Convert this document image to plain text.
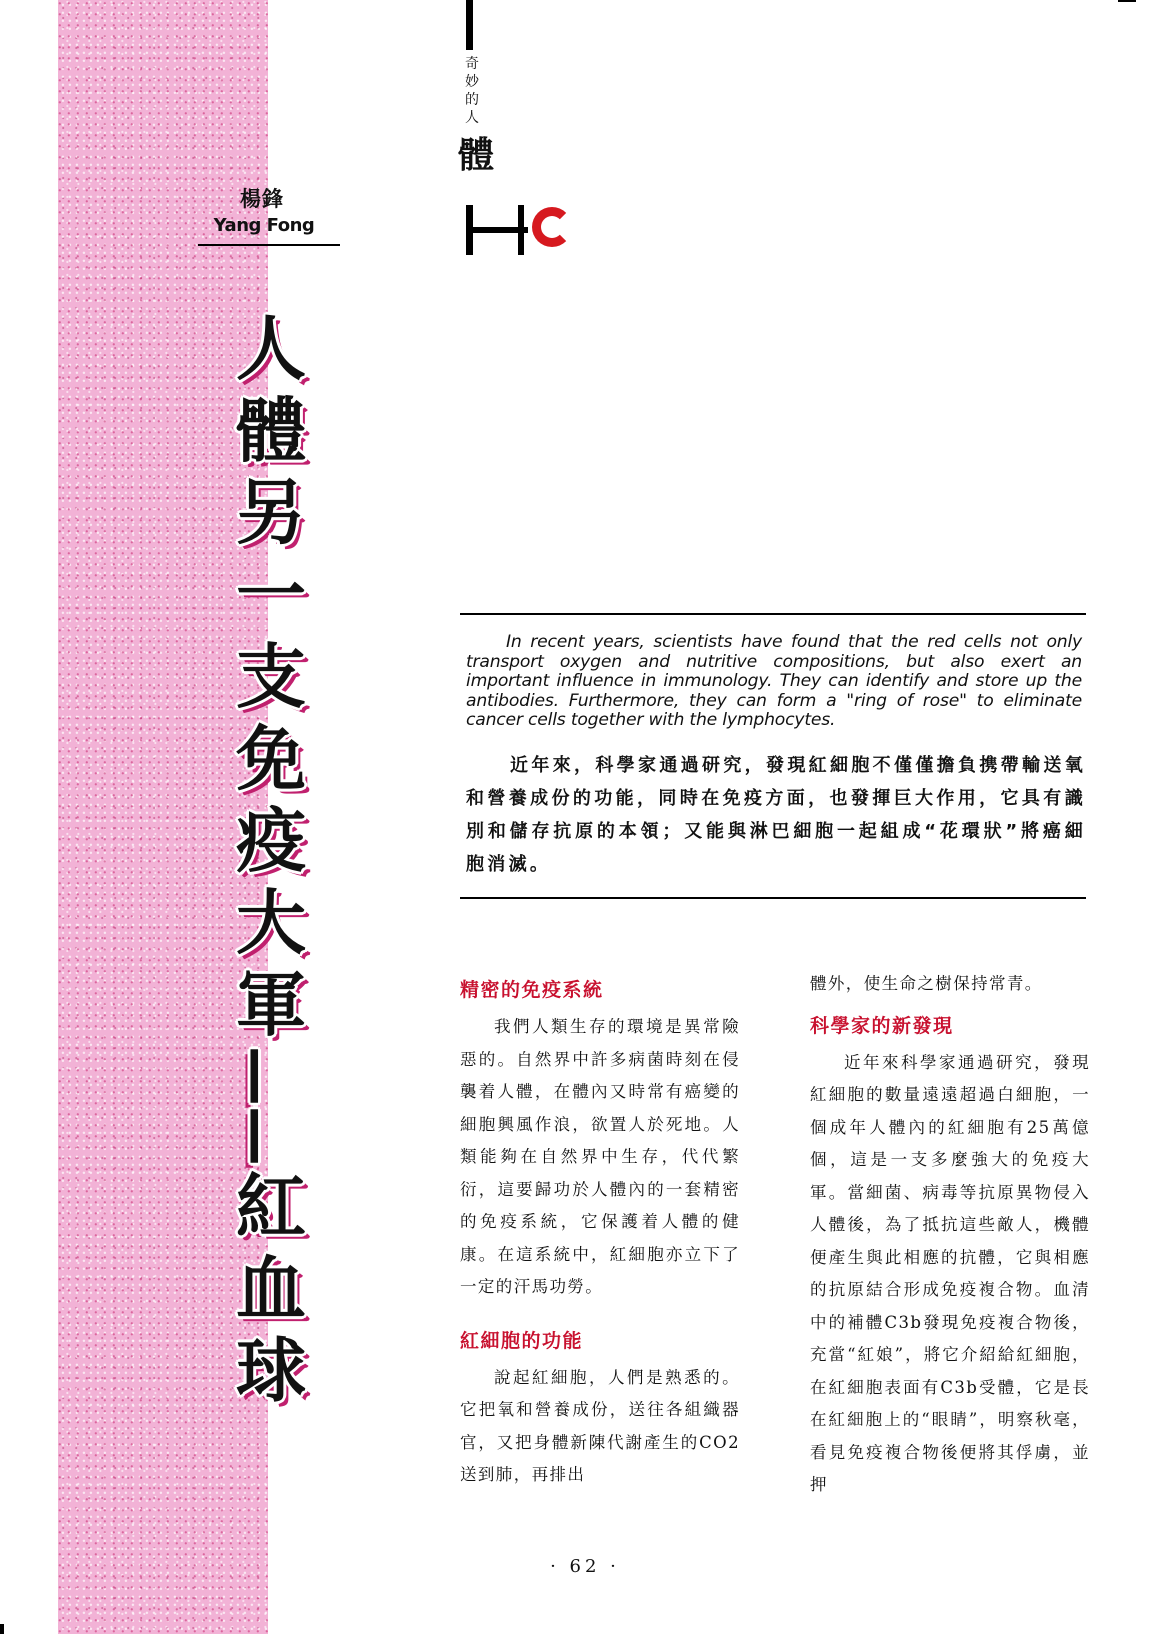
奇
妙
的
人
體
楊鋒
Yang Fong
人
體
另
一
支
免
疫
大
軍
——
紅
血
球

In recent years, scientists have found that the red cells not only transport oxygen and nutritive compositions, but also exert an important influence in immunology. They can identify and store up the antibodies. Furthermore, they can form a "ring of rose" to eliminate cancer cells together with the lymphocytes.

近年來，科學家通過研究，發現紅細胞不僅僅擔負携帶輸送氧和營養成份的功能，同時在免疫方面，也發揮巨大作用，它具有識別和儲存抗原的本領；又能與淋巴細胞一起組成“花環狀”將癌細胞消滅。

精密的免疫系統

我們人類生存的環境是異常險惡的。自然界中許多病菌時刻在侵襲着人體，在體內又時常有癌變的細胞興風作浪，欲置人於死地。人類能夠在自然界中生存，代代繁衍，這要歸功於人體內的一套精密的免疫系統，它保護着人體的健康。在這系統中，紅細胞亦立下了一定的汗馬功勞。

紅細胞的功能

說起紅細胞，人們是熟悉的。它把氧和營養成份，送往各組織器官，又把身體新陳代謝產生的CO2送到肺，再排出

體外，使生命之樹保持常青。

科學家的新發現

近年來科學家通過研究，發現紅細胞的數量遠遠超過白細胞，一個成年人體內的紅細胞有25萬億個，這是一支多麼強大的免疫大軍。當細菌、病毒等抗原異物侵入人體後，為了抵抗這些敵人，機體便產生與此相應的抗體，它與相應的抗原結合形成免疫複合物。血清中的補體C3b發現免疫複合物後，充當“紅娘”，將它介紹給紅細胞，在紅細胞表面有C3b受體，它是長在紅細胞上的“眼睛”，明察秋毫，看見免疫複合物後便將其俘虜，並押

· 62 ·
